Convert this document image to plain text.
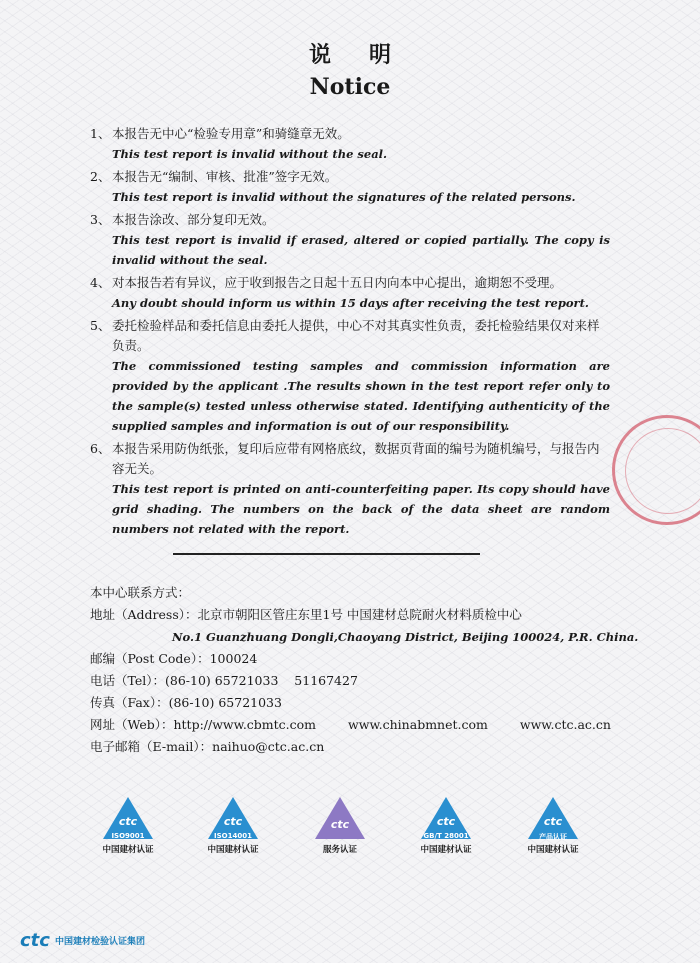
说明
Notice
1、 本报告无中心“检验专用章”和骑缝章无效。
This test report is invalid without the seal.
2、 本报告无“编制、审核、批准”签字无效。
This test report is invalid without the signatures of the related persons.
3、 本报告涂改、部分复印无效。
This test report is invalid if erased, altered or copied partially. The copy is invalid without the seal.
4、 对本报告若有异议，应于收到报告之日起十五日内向本中心提出，逾期恕不受理。
Any doubt should inform us within 15 days after receiving the test report.
5、 委托检验样品和委托信息由委托人提供，中心不对其真实性负责，委托检验结果仅对来样负责。
The commissioned testing samples and commission information are provided by the applicant .The results shown in the test report refer only to the sample(s) tested unless otherwise stated. Identifying authenticity of the supplied samples and information is out of our responsibility.
6、 本报告采用防伪纸张，复印后应带有网格底纹，数据页背面的编号为随机编号，与报告内容无关。
This test report is printed on anti-counterfeiting paper. Its copy should have grid shading. The numbers on the back of the data sheet are random numbers not related with the report.
本中心联系方式：
地址（Address）：北京市朝阳区管庄东里1号 中国建材总院耐火材料质检中心
No.1 Guanzhuang Dongli,Chaoyang District, Beijing 100024, P.R. China.
邮编（Post Code）：100024
电话（Tel）：(86-10) 65721033    51167427
传真（Fax）：(86-10) 65721033
网址（Web）：http://www.cbmtc.com	www.chinabmnet.com	www.ctc.ac.cn
电子邮箱（E-mail）：naihuo@ctc.ac.cn
ctc
ISO9001
中国建材认证
ctc
ISO14001
中国建材认证
ctc
服务认证
ctc
GB/T 28001
中国建材认证
ctc
产品认证
中国建材认证
ctc 中国建材检验认证集团
